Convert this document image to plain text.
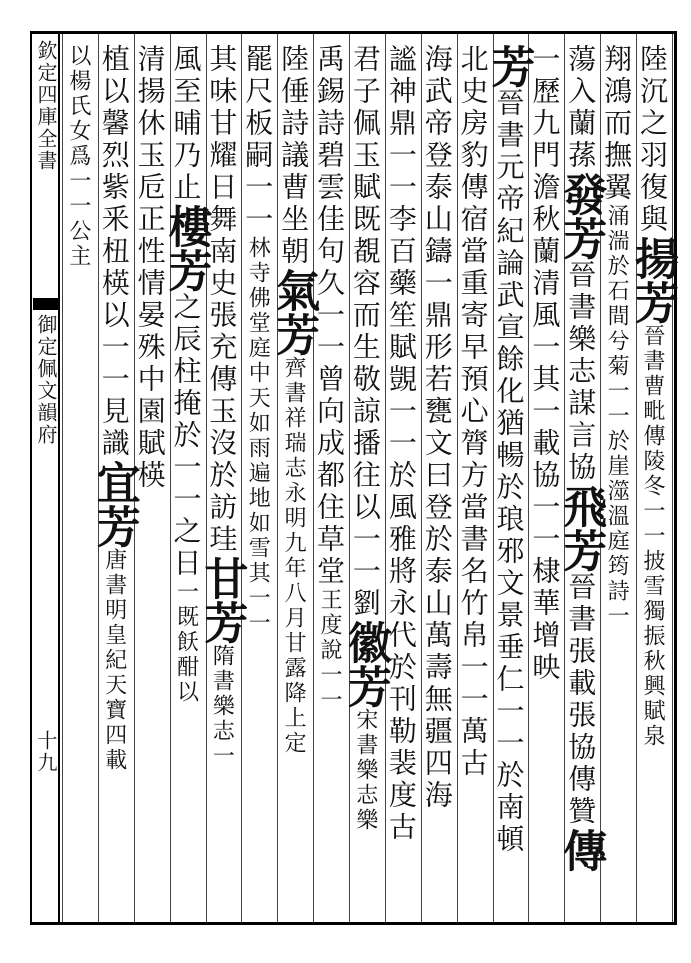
欽定四庫全書
御定佩文韻府
十九
陸沉之羽復與揚芳晉書曹毗傳陵冬一一披雪獨振秋興賦泉
翔鴻而撫翼涌湍於石間兮菊一一於崖澨溫庭筠詩一
蕩入蘭蓀發芳晉書樂志謀言協飛芳晉書張載張協傳贊傳
一歷九門澹秋蘭清風一其一載協一一棣華增映
芳晉書元帝紀論武宣餘化猶暢於琅邪文景垂仁一一於南頓
北史房豹傳宿當重寄早預心膂方當書名竹帛一一萬古
海武帝登泰山鑄一鼎形若甕文曰登於泰山萬壽無疆四海
謐神鼎一一李百藥笙賦覬一一於風雅將永代於刊勒裴度古
君子佩玉賦既覩容而生敬諒播往以一一劉徽芳宋書樂志樂
禹錫詩碧雲佳句久一一曾向成都住草堂王度說一一
陸倕詩議曹坐朝氣芳齊書祥瑞志永明九年八月甘露降上定
罷尺板嗣一一林寺佛堂庭中天如雨遍地如雪其一一
其味甘耀日舞南史張充傳玉沒於訪珪甘芳隋書樂志一
風至晡乃止樓芳之辰柱掩於一一之日一既飫酣以
清揚休玉卮正性情晏殊中園賦楧
植以馨烈紫釆杻楧以一一見識宜芳唐書明皇紀天寶四載
以楊氏女爲一一公主
